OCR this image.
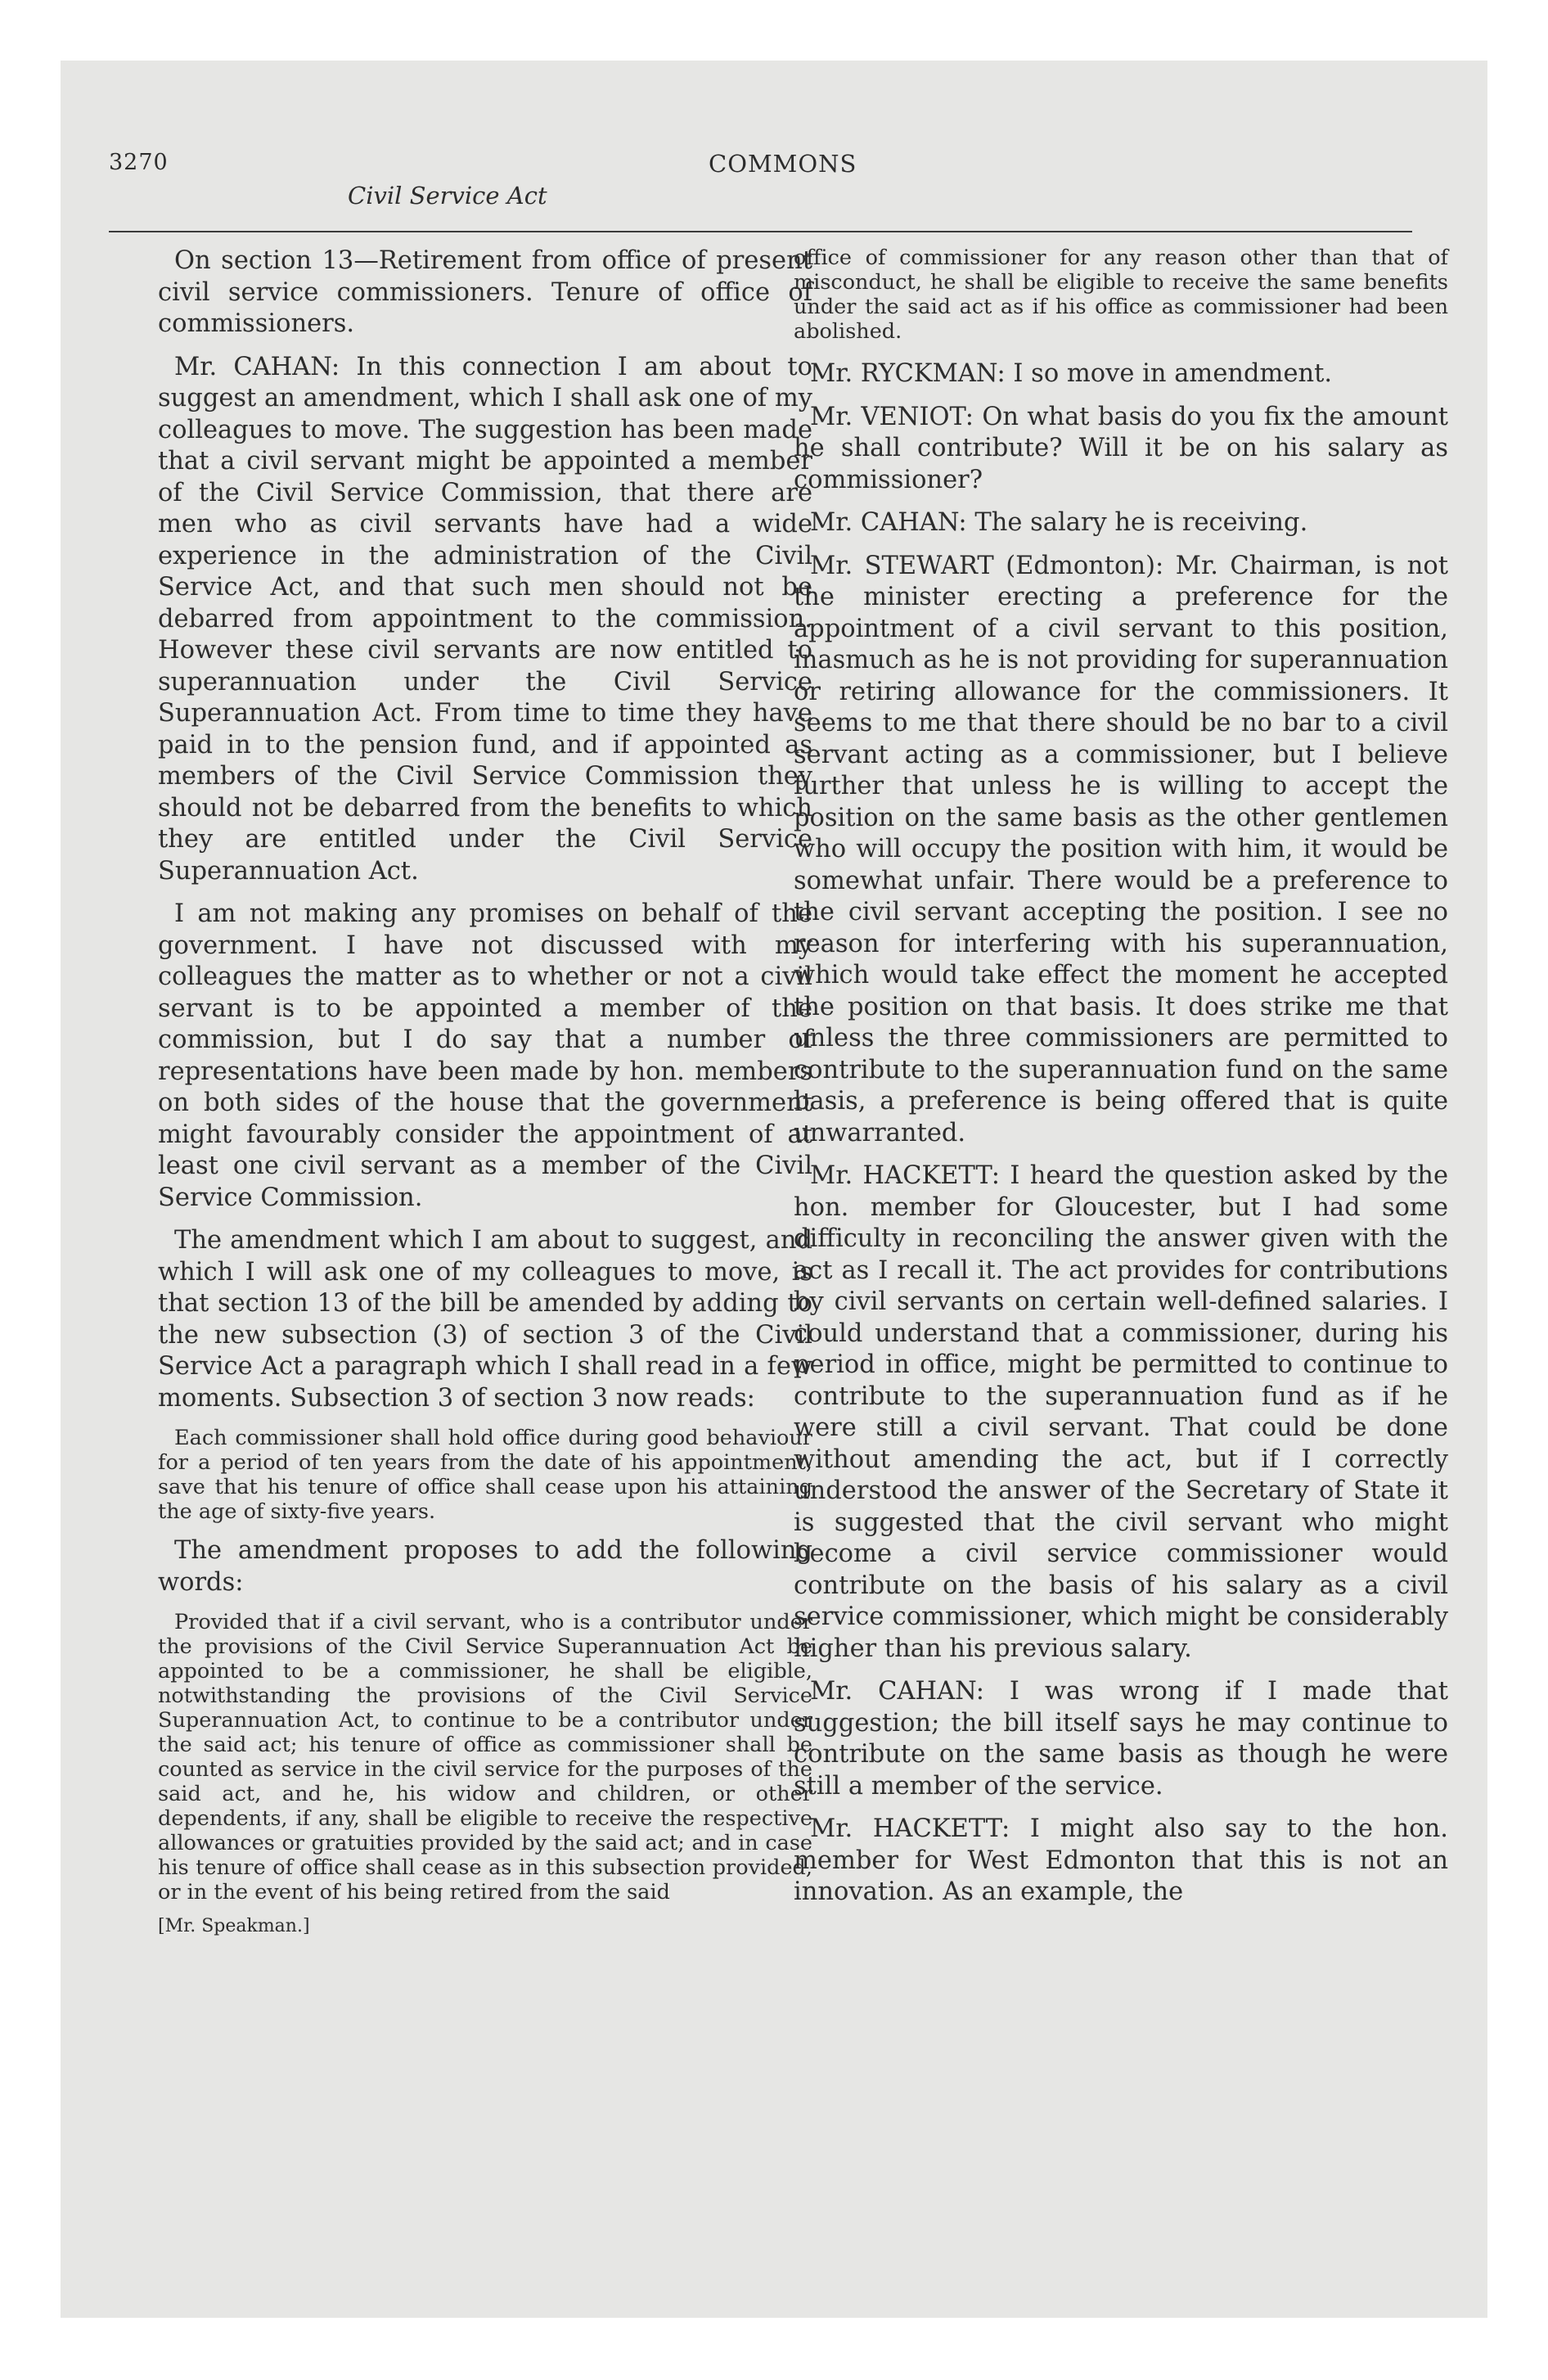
3270	COMMONS
Civil Service Act

On section 13—Retirement from office of present civil service commissioners. Tenure of office of commissioners.

Mr. CAHAN: In this connection I am about to suggest an amendment, which I shall ask one of my colleagues to move. The suggestion has been made that a civil servant might be appointed a member of the Civil Service Commission, that there are men who as civil servants have had a wide experience in the administration of the Civil Service Act, and that such men should not be debarred from appointment to the commission. However these civil servants are now entitled to superannuation under the Civil Service Superannuation Act. From time to time they have paid in to the pension fund, and if appointed as members of the Civil Service Commission they should not be debarred from the benefits to which they are entitled under the Civil Service Superannuation Act.

I am not making any promises on behalf of the government. I have not discussed with my colleagues the matter as to whether or not a civil servant is to be appointed a member of the commission, but I do say that a number of representations have been made by hon. members on both sides of the house that the government might favourably consider the appointment of at least one civil servant as a member of the Civil Service Commission.

The amendment which I am about to suggest, and which I will ask one of my colleagues to move, is that section 13 of the bill be amended by adding to the new subsection (3) of section 3 of the Civil Service Act a paragraph which I shall read in a few moments. Subsection 3 of section 3 now reads:

Each commissioner shall hold office during good behaviour for a period of ten years from the date of his appointment, save that his tenure of office shall cease upon his attaining the age of sixty-five years.

The amendment proposes to add the following words:

Provided that if a civil servant, who is a contributor under the provisions of the Civil Service Superannuation Act be appointed to be a commissioner, he shall be eligible, notwithstanding the provisions of the Civil Service Superannuation Act, to continue to be a contributor under the said act; his tenure of office as commissioner shall be counted as service in the civil service for the purposes of the said act, and he, his widow and children, or other dependents, if any, shall be eligible to receive the respective allowances or gratuities provided by the said act; and in case his tenure of office shall cease as in this subsection provided, or in the event of his being retired from the said
[Mr. Speakman.]

office of commissioner for any reason other than that of misconduct, he shall be eligible to receive the same benefits under the said act as if his office as commissioner had been abolished.

Mr. RYCKMAN: I so move in amendment.

Mr. VENIOT: On what basis do you fix the amount he shall contribute? Will it be on his salary as commissioner?

Mr. CAHAN: The salary he is receiving.

Mr. STEWART (Edmonton): Mr. Chairman, is not the minister erecting a preference for the appointment of a civil servant to this position, inasmuch as he is not providing for superannuation or retiring allowance for the commissioners. It seems to me that there should be no bar to a civil servant acting as a commissioner, but I believe further that unless he is willing to accept the position on the same basis as the other gentlemen who will occupy the position with him, it would be somewhat unfair. There would be a preference to the civil servant accepting the position. I see no reason for interfering with his superannuation, which would take effect the moment he accepted the position on that basis. It does strike me that unless the three commissioners are permitted to contribute to the superannuation fund on the same basis, a preference is being offered that is quite unwarranted.

Mr. HACKETT: I heard the question asked by the hon. member for Gloucester, but I had some difficulty in reconciling the answer given with the act as I recall it. The act provides for contributions by civil servants on certain well-defined salaries. I could understand that a commissioner, during his period in office, might be permitted to continue to contribute to the superannuation fund as if he were still a civil servant. That could be done without amending the act, but if I correctly understood the answer of the Secretary of State it is suggested that the civil servant who might become a civil service commissioner would contribute on the basis of his salary as a civil service commissioner, which might be considerably higher than his previous salary.

Mr. CAHAN: I was wrong if I made that suggestion; the bill itself says he may continue to contribute on the same basis as though he were still a member of the service.

Mr. HACKETT: I might also say to the hon. member for West Edmonton that this is not an innovation. As an example, the
